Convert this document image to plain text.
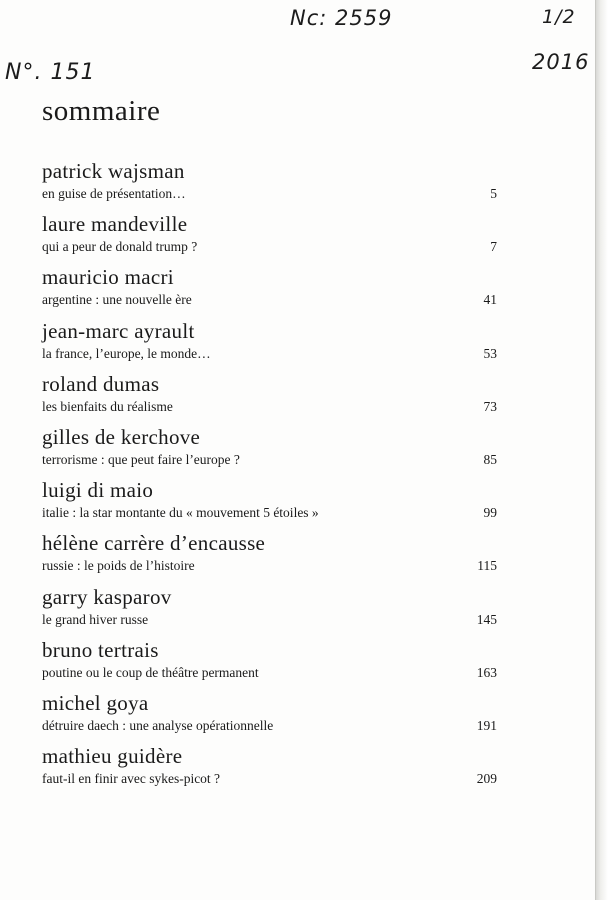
Nc: 2559
N°. 151
1/2
2016
sommaire
patrick wajsman
en guise de présentation…	5
laure mandeville
qui a peur de donald trump ?	7
mauricio macri
argentine : une nouvelle ère	41
jean-marc ayrault
la france, l’europe, le monde…	53
roland dumas
les bienfaits du réalisme	73
gilles de kerchove
terrorisme : que peut faire l’europe ?	85
luigi di maio
italie : la star montante du « mouvement 5 étoiles »	99
hélène carrère d’encausse
russie : le poids de l’histoire	115
garry kasparov
le grand hiver russe	145
bruno tertrais
poutine ou le coup de théâtre permanent	163
michel goya
détruire daech : une analyse opérationnelle	191
mathieu guidère
faut-il en finir avec sykes-picot ?	209
